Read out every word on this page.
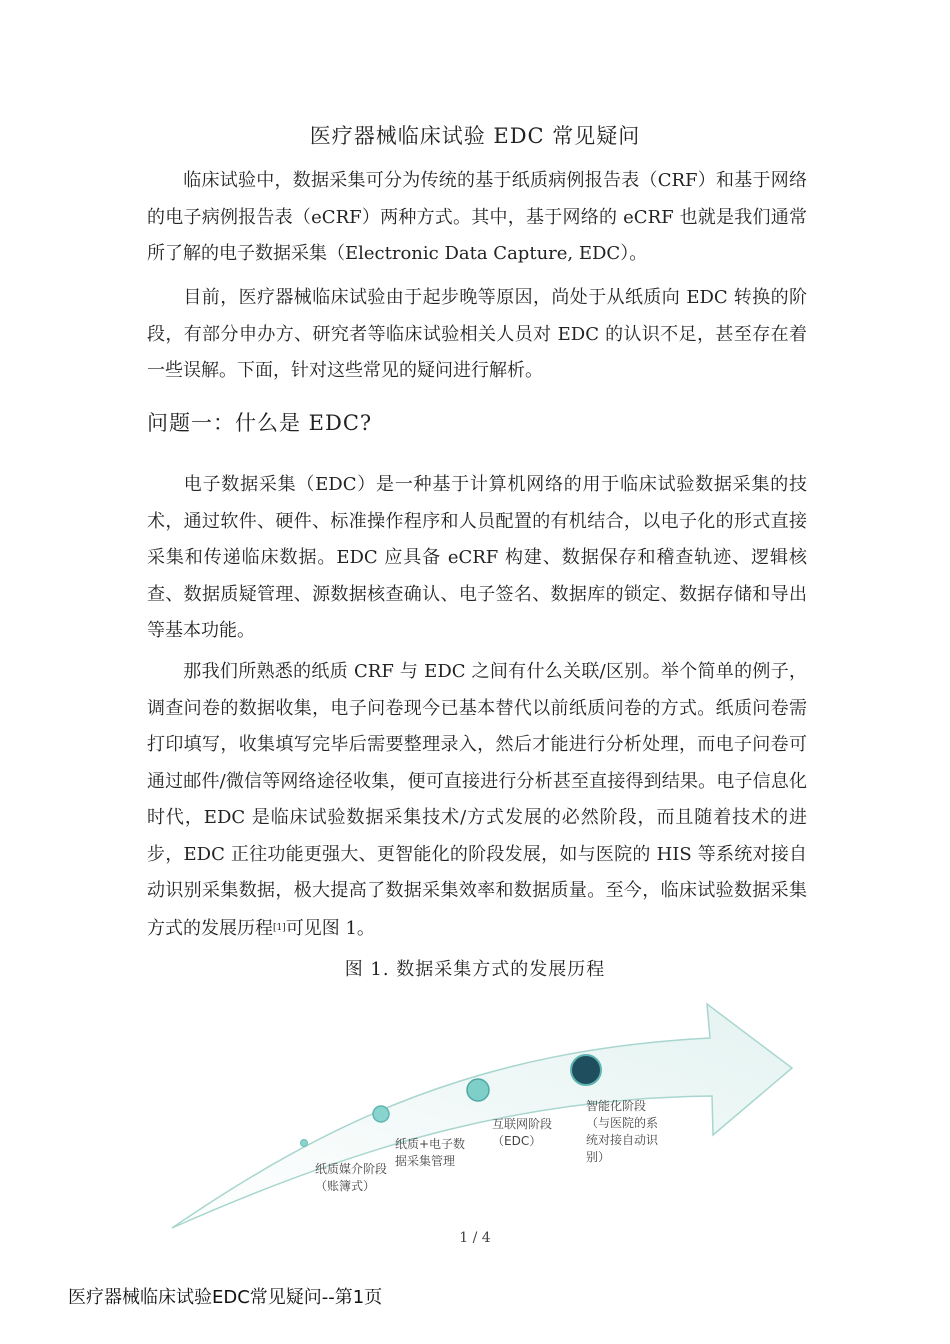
医疗器械临床试验 EDC 常见疑问

临床试验中，数据采集可分为传统的基于纸质病例报告表（CRF）和基于网络的电子病例报告表（eCRF）两种方式。其中，基于网络的 eCRF 也就是我们通常所了解的电子数据采集（Electronic Data Capture, EDC）。

目前，医疗器械临床试验由于起步晚等原因，尚处于从纸质向 EDC 转换的阶段，有部分申办方、研究者等临床试验相关人员对 EDC 的认识不足，甚至存在着一些误解。下面，针对这些常见的疑问进行解析。

问题一：什么是 EDC?

电子数据采集（EDC）是一种基于计算机网络的用于临床试验数据采集的技术，通过软件、硬件、标准操作程序和人员配置的有机结合，以电子化的形式直接采集和传递临床数据。EDC 应具备 eCRF 构建、数据保存和稽查轨迹、逻辑核查、数据质疑管理、源数据核查确认、电子签名、数据库的锁定、数据存储和导出等基本功能。

那我们所熟悉的纸质 CRF 与 EDC 之间有什么关联/区别。举个简单的例子，调查问卷的数据收集，电子问卷现今已基本替代以前纸质问卷的方式。纸质问卷需打印填写，收集填写完毕后需要整理录入，然后才能进行分析处理，而电子问卷可通过邮件/微信等网络途径收集，便可直接进行分析甚至直接得到结果。电子信息化时代，EDC 是临床试验数据采集技术/方式发展的必然阶段，而且随着技术的进步，EDC 正往功能更强大、更智能化的阶段发展，如与医院的 HIS 等系统对接自动识别采集数据，极大提高了数据采集效率和数据质量。至今，临床试验数据采集方式的发展历程[1]可见图 1。

图 1. 数据采集方式的发展历程

纸质媒介阶段（账簿式）

纸质+电子数据采集管理

互联网阶段（EDC）

智能化阶段（与医院的系统对接自动识别）

1 / 4
医疗器械临床试验EDC常见疑问--第1页
